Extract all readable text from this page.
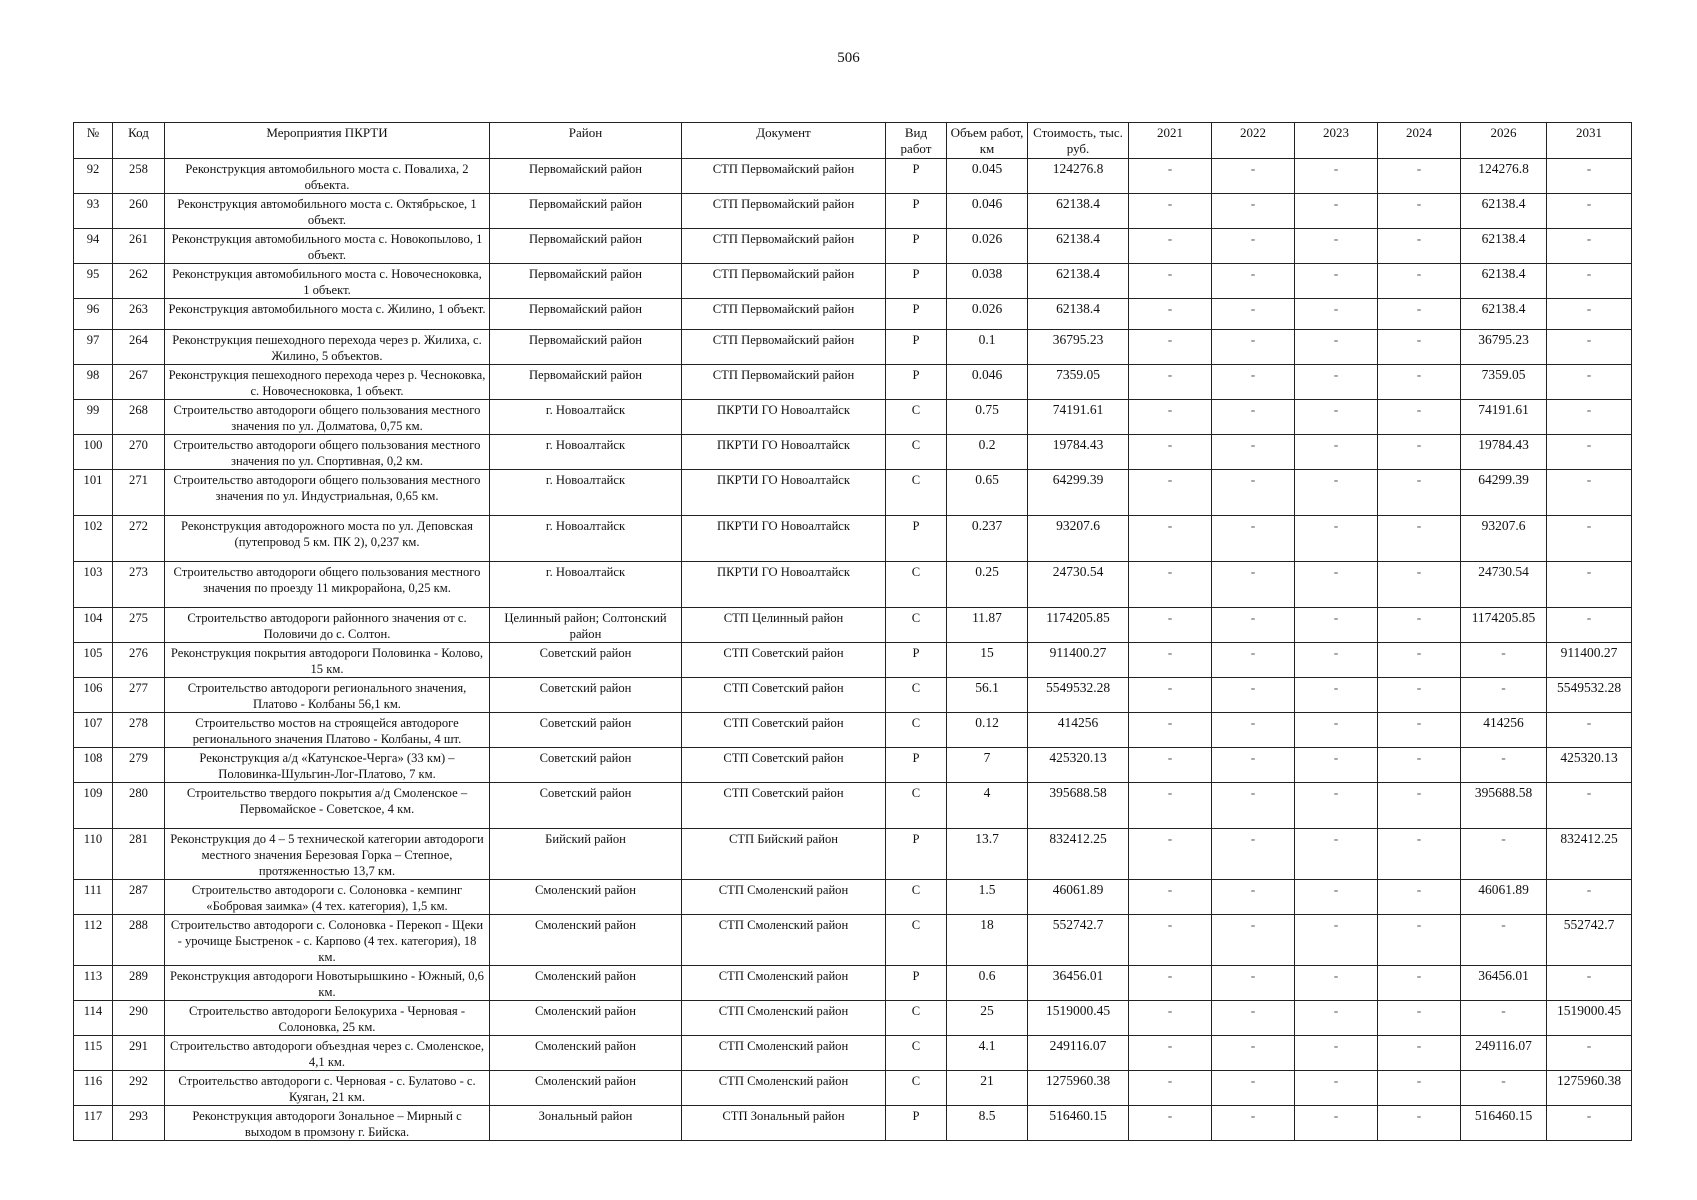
506
№	Код	Мероприятия ПКРТИ	Район	Документ	Вид работ	Объем работ, км	Стоимость, тыс. руб.	2021	2022	2023	2024	2026	2031
92	258	Реконструкция автомобильного моста с. Повалиха, 2 объекта.	Первомайский район	СТП Первомайский район	Р	0.045	124276.8	-	-	-	-	124276.8	-
93	260	Реконструкция автомобильного моста с. Октябрьское, 1 объект.	Первомайский район	СТП Первомайский район	Р	0.046	62138.4	-	-	-	-	62138.4	-
94	261	Реконструкция автомобильного моста с. Новокопылово, 1 объект.	Первомайский район	СТП Первомайский район	Р	0.026	62138.4	-	-	-	-	62138.4	-
95	262	Реконструкция автомобильного моста с. Новочесноковка, 1 объект.	Первомайский район	СТП Первомайский район	Р	0.038	62138.4	-	-	-	-	62138.4	-
96	263	Реконструкция автомобильного моста с. Жилино, 1 объект.	Первомайский район	СТП Первомайский район	Р	0.026	62138.4	-	-	-	-	62138.4	-
97	264	Реконструкция пешеходного перехода через р. Жилиха, с. Жилино, 5 объектов.	Первомайский район	СТП Первомайский район	Р	0.1	36795.23	-	-	-	-	36795.23	-
98	267	Реконструкция пешеходного перехода через р. Чесноковка, с. Новочесноковка, 1 объект.	Первомайский район	СТП Первомайский район	Р	0.046	7359.05	-	-	-	-	7359.05	-
99	268	Строительство автодороги общего пользования местного значения по ул. Долматова, 0,75 км.	г. Новоалтайск	ПКРТИ ГО Новоалтайск	С	0.75	74191.61	-	-	-	-	74191.61	-
100	270	Строительство автодороги общего пользования местного значения по ул. Спортивная, 0,2 км.	г. Новоалтайск	ПКРТИ ГО Новоалтайск	С	0.2	19784.43	-	-	-	-	19784.43	-
101	271	Строительство автодороги общего пользования местного значения по ул. Индустриальная, 0,65 км.	г. Новоалтайск	ПКРТИ ГО Новоалтайск	С	0.65	64299.39	-	-	-	-	64299.39	-
102	272	Реконструкция автодорожного моста по ул. Деповская (путепровод 5 км. ПК 2), 0,237 км.	г. Новоалтайск	ПКРТИ ГО Новоалтайск	Р	0.237	93207.6	-	-	-	-	93207.6	-
103	273	Строительство автодороги общего пользования местного значения по проезду 11 микрорайона, 0,25 км.	г. Новоалтайск	ПКРТИ ГО Новоалтайск	С	0.25	24730.54	-	-	-	-	24730.54	-
104	275	Строительство автодороги районного значения от с. Половичи до с. Солтон.	Целинный район; Солтонский район	СТП Целинный район	С	11.87	1174205.85	-	-	-	-	1174205.85	-
105	276	Реконструкция покрытия автодороги Половинка - Колово, 15 км.	Советский район	СТП Советский район	Р	15	911400.27	-	-	-	-	-	911400.27
106	277	Строительство автодороги регионального значения, Платово - Колбаны 56,1 км.	Советский район	СТП Советский район	С	56.1	5549532.28	-	-	-	-	-	5549532.28
107	278	Строительство мостов на строящейся автодороге регионального значения Платово - Колбаны, 4 шт.	Советский район	СТП Советский район	С	0.12	414256	-	-	-	-	414256	-
108	279	Реконструкция а/д «Катунское-Черга» (33 км) – Половинка-Шульгин-Лог-Платово, 7 км.	Советский район	СТП Советский район	Р	7	425320.13	-	-	-	-	-	425320.13
109	280	Строительство твердого покрытия а/д Смоленское – Первомайское - Советское, 4 км.	Советский район	СТП Советский район	С	4	395688.58	-	-	-	-	395688.58	-
110	281	Реконструкция до 4 – 5 технической категории автодороги местного значения Березовая Горка – Степное, протяженностью 13,7 км.	Бийский район	СТП Бийский район	Р	13.7	832412.25	-	-	-	-	-	832412.25
111	287	Строительство автодороги с. Солоновка - кемпинг «Бобровая заимка» (4 тех. категория), 1,5 км.	Смоленский район	СТП Смоленский район	С	1.5	46061.89	-	-	-	-	46061.89	-
112	288	Строительство автодороги с. Солоновка - Перекоп - Щеки - урочище Быстренок - с. Карпово (4 тех. категория), 18 км.	Смоленский район	СТП Смоленский район	С	18	552742.7	-	-	-	-	-	552742.7
113	289	Реконструкция автодороги Новотырышкино - Южный, 0,6 км.	Смоленский район	СТП Смоленский район	Р	0.6	36456.01	-	-	-	-	36456.01	-
114	290	Строительство автодороги Белокуриха - Черновая - Солоновка, 25 км.	Смоленский район	СТП Смоленский район	С	25	1519000.45	-	-	-	-	-	1519000.45
115	291	Строительство автодороги объездная через с. Смоленское, 4,1 км.	Смоленский район	СТП Смоленский район	С	4.1	249116.07	-	-	-	-	249116.07	-
116	292	Строительство автодороги с. Черновая - с. Булатово - с. Куяган, 21 км.	Смоленский район	СТП Смоленский район	С	21	1275960.38	-	-	-	-	-	1275960.38
117	293	Реконструкция автодороги Зональное – Мирный с выходом в промзону г. Бийска.	Зональный район	СТП Зональный район	Р	8.5	516460.15	-	-	-	-	516460.15	-
